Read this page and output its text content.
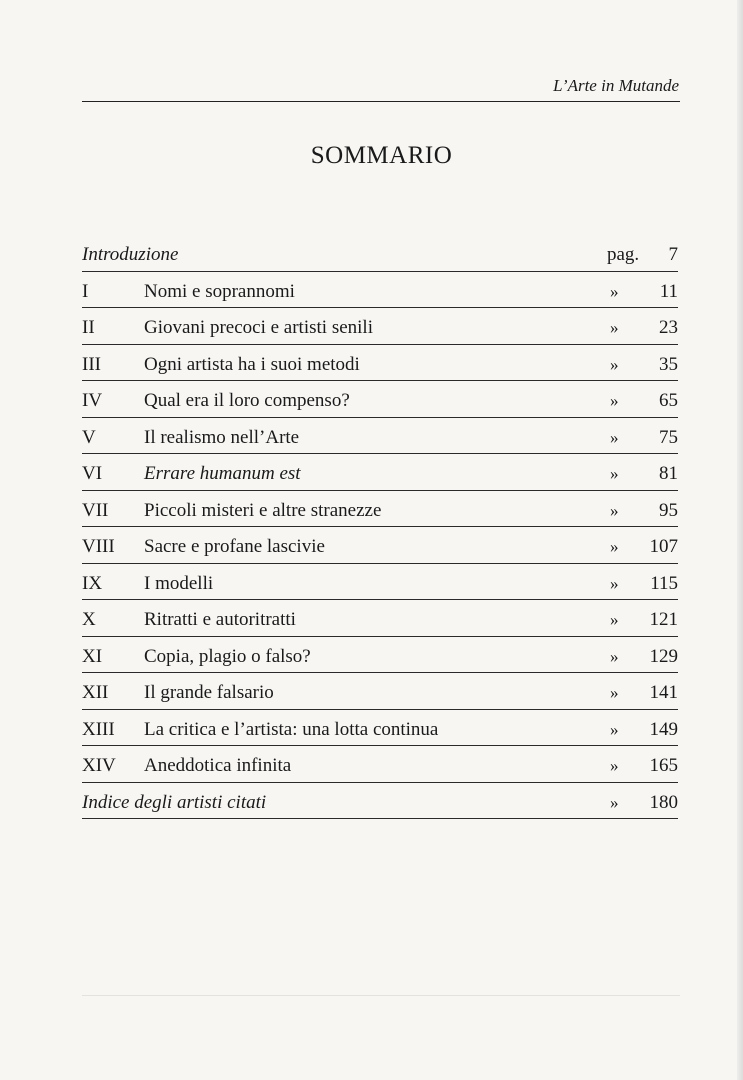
L’Arte in Mutande
SOMMARIO
Introduzione	pag. 7
I	Nomi e soprannomi	» 11
II	Giovani precoci e artisti senili	» 23
III Ogni artista ha i suoi metodi	» 35
IV Qual era il loro compenso?	» 65
V	Il realismo nell’Arte	» 75
VI Errare humanum est	» 81
VII Piccoli misteri e altre stranezze	» 95
VIII Sacre e profane lascivie	» 107
IX I modelli	» 115
X	Ritratti e autoritratti	» 121
XI Copia, plagio o falso?	» 129
XII Il grande falsario	» 141
XIII La critica e l’artista: una lotta continua	» 149
XIV Aneddotica infinita	» 165
Indice degli artisti citati	» 180
